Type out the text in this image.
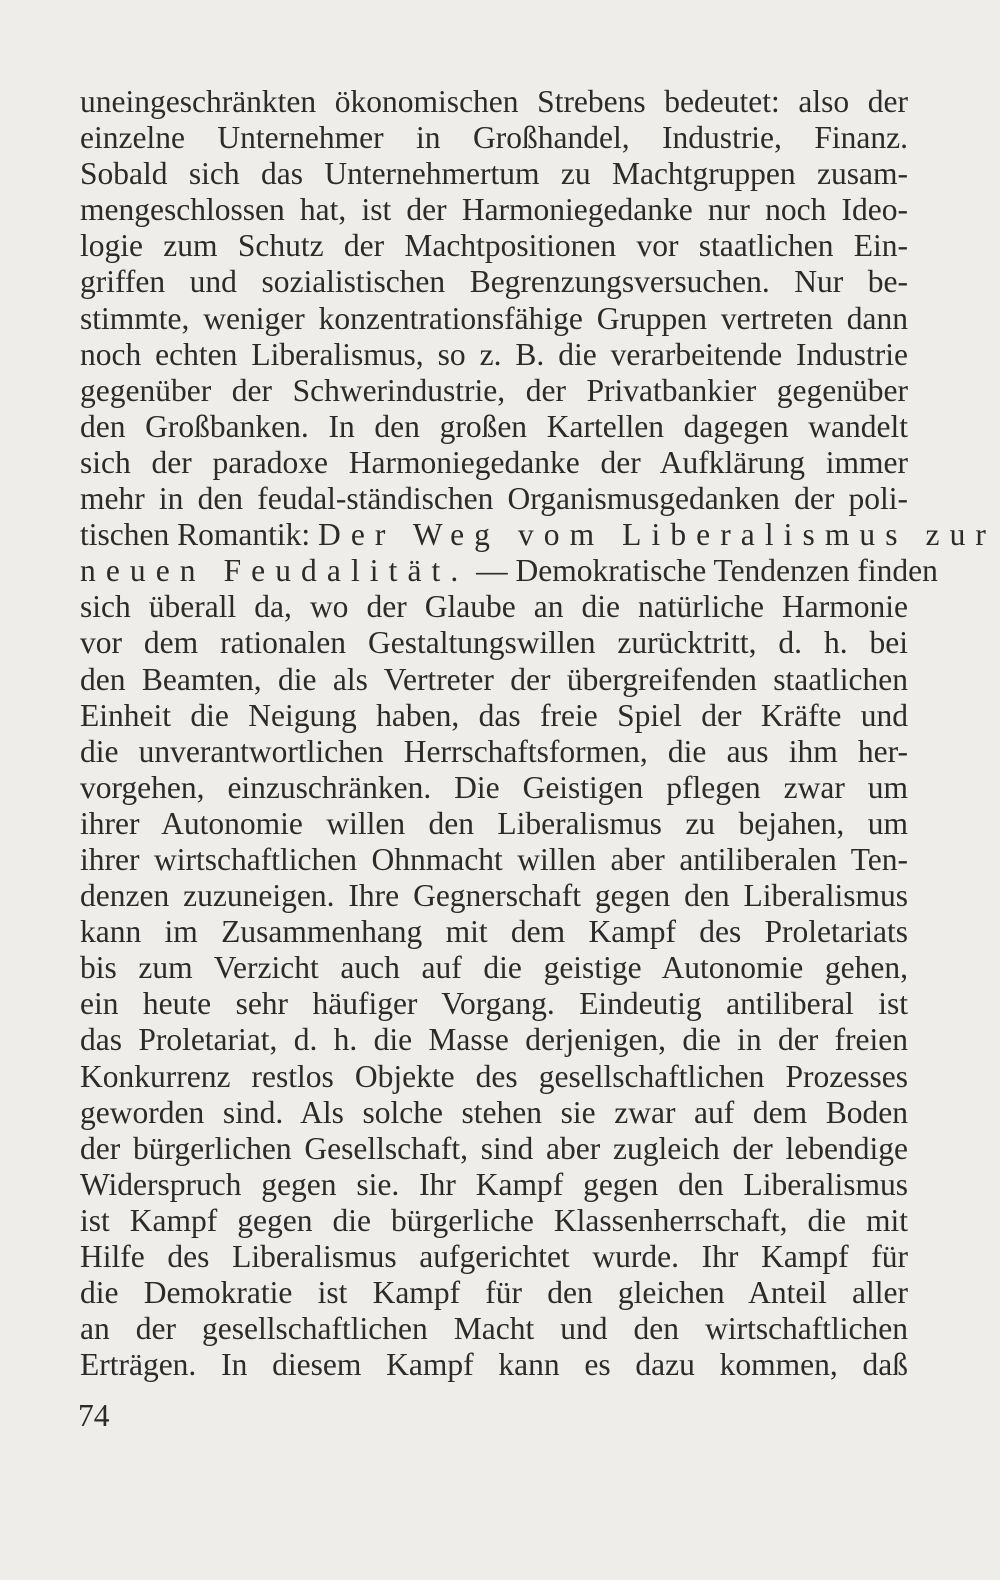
uneingeschränkten ökonomischen Strebens bedeutet: also der
einzelne Unternehmer in Großhandel, Industrie, Finanz.
Sobald sich das Unternehmertum zu Machtgruppen zusam-
mengeschlossen hat, ist der Harmoniegedanke nur noch Ideo-
logie zum Schutz der Machtpositionen vor staatlichen Ein-
griffen und sozialistischen Begrenzungsversuchen. Nur be-
stimmte, weniger konzentrationsfähige Gruppen vertreten dann
noch echten Liberalismus, so z. B. die verarbeitende Industrie
gegenüber der Schwerindustrie, der Privatbankier gegenüber
den Großbanken. In den großen Kartellen dagegen wandelt
sich der paradoxe Harmoniegedanke der Aufklärung immer
mehr in den feudal-ständischen Organismusgedanken der poli-
tischen Romantik: Der Weg vom Liberalismus zur
neuen Feudalität. — Demokratische Tendenzen finden
sich überall da, wo der Glaube an die natürliche Harmonie
vor dem rationalen Gestaltungswillen zurücktritt, d. h. bei
den Beamten, die als Vertreter der übergreifenden staatlichen
Einheit die Neigung haben, das freie Spiel der Kräfte und
die unverantwortlichen Herrschaftsformen, die aus ihm her-
vorgehen, einzuschränken. Die Geistigen pflegen zwar um
ihrer Autonomie willen den Liberalismus zu bejahen, um
ihrer wirtschaftlichen Ohnmacht willen aber antiliberalen Ten-
denzen zuzuneigen. Ihre Gegnerschaft gegen den Liberalismus
kann im Zusammenhang mit dem Kampf des Proletariats
bis zum Verzicht auch auf die geistige Autonomie gehen,
ein heute sehr häufiger Vorgang. Eindeutig antiliberal ist
das Proletariat, d. h. die Masse derjenigen, die in der freien
Konkurrenz restlos Objekte des gesellschaftlichen Prozesses
geworden sind. Als solche stehen sie zwar auf dem Boden
der bürgerlichen Gesellschaft, sind aber zugleich der lebendige
Widerspruch gegen sie. Ihr Kampf gegen den Liberalismus
ist Kampf gegen die bürgerliche Klassenherrschaft, die mit
Hilfe des Liberalismus aufgerichtet wurde. Ihr Kampf für
die Demokratie ist Kampf für den gleichen Anteil aller
an der gesellschaftlichen Macht und den wirtschaftlichen
Erträgen. In diesem Kampf kann es dazu kommen, daß
74
